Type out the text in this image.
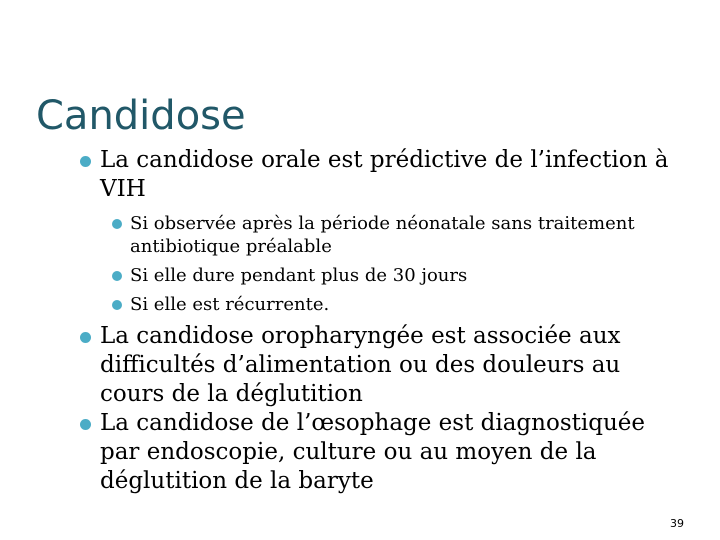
Candidose
La candidose orale est prédictive de l’infection à VIH
Si observée après la période néonatale sans traitement antibiotique préalable
Si elle dure pendant plus de 30 jours
Si elle est récurrente.
La candidose oropharyngée est associée aux difficultés d’alimentation ou des douleurs au cours de la déglutition
La candidose de l’œsophage est diagnostiquée par endoscopie, culture ou au moyen de la déglutition de la baryte
39
